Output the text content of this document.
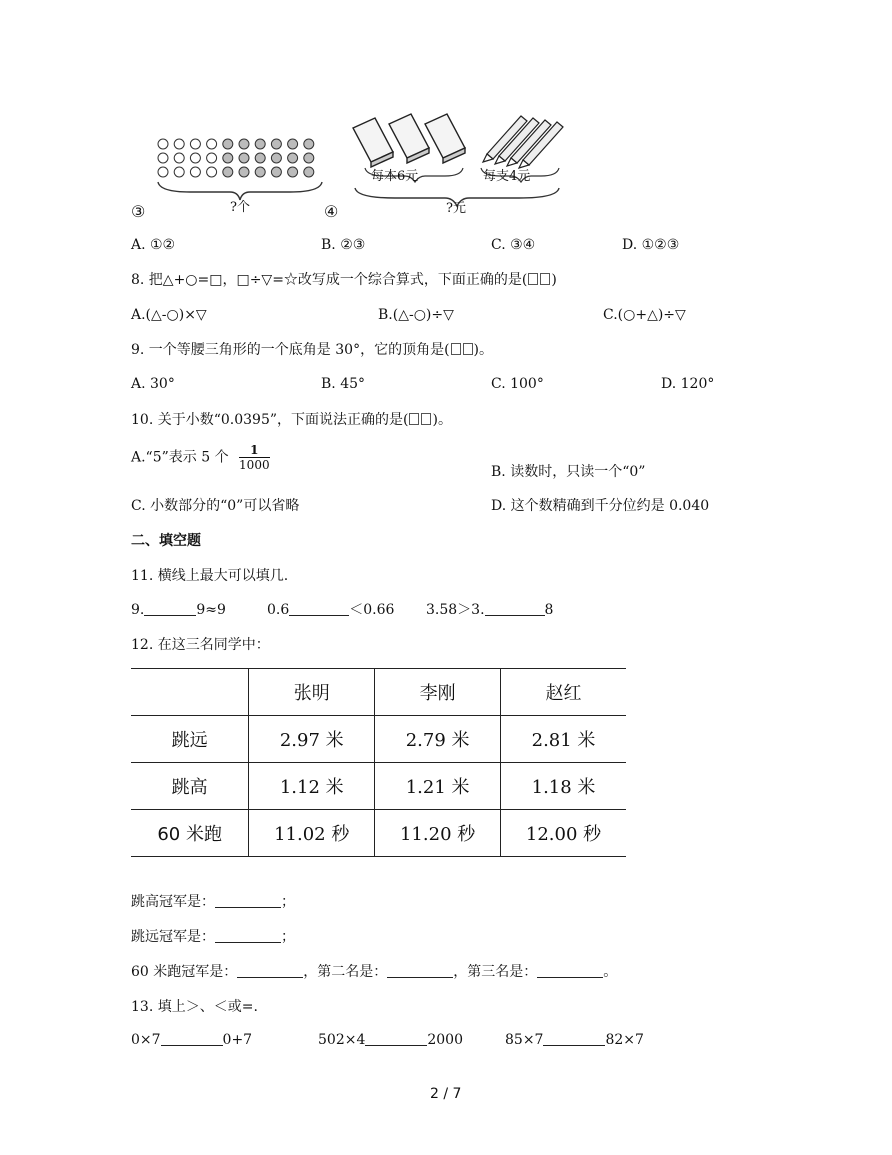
?个
③
每本6元	每支4元
?元
④
A. ①②	B. ②③	C. ③④	D. ①②③
8. 把△+○=□，□÷▽=☆改写成一个综合算式，下面正确的是( )
A.(△-○)×▽	B.(△-○)÷▽	C.(○+△)÷▽
9. 一个等腰三角形的一个底角是 30°，它的顶角是( )。
A. 30°	B. 45°	C. 100°	D. 120°
10. 关于小数“0.0395”，下面说法正确的是( )。
A.“5”表示 5 个 $\frac{1}{1000}$	B. 读数时，只读一个“0”
C. 小数部分的“0”可以省略	D. 这个数精确到千分位约是 0.040
二、填空题
11. 横线上最大可以填几.
9.	9≈9	0.6	＜0.66 3.58＞3.	8
12. 在这三名同学中：
	张明	李刚	赵红
跳远	2.97 米	2.79 米	2.81 米
跳高	1.12 米	1.21 米	1.18 米
60 米跑	11.02 秒	11.20 秒	12.00 秒
跳高冠军是：	；
跳远冠军是：	；
60 米跑冠军是：	，第二名是：	，第三名是：	。
13. 填上＞、＜或=.
0×7	0+7	502×4	2000	85×7	82×7
2 / 7
